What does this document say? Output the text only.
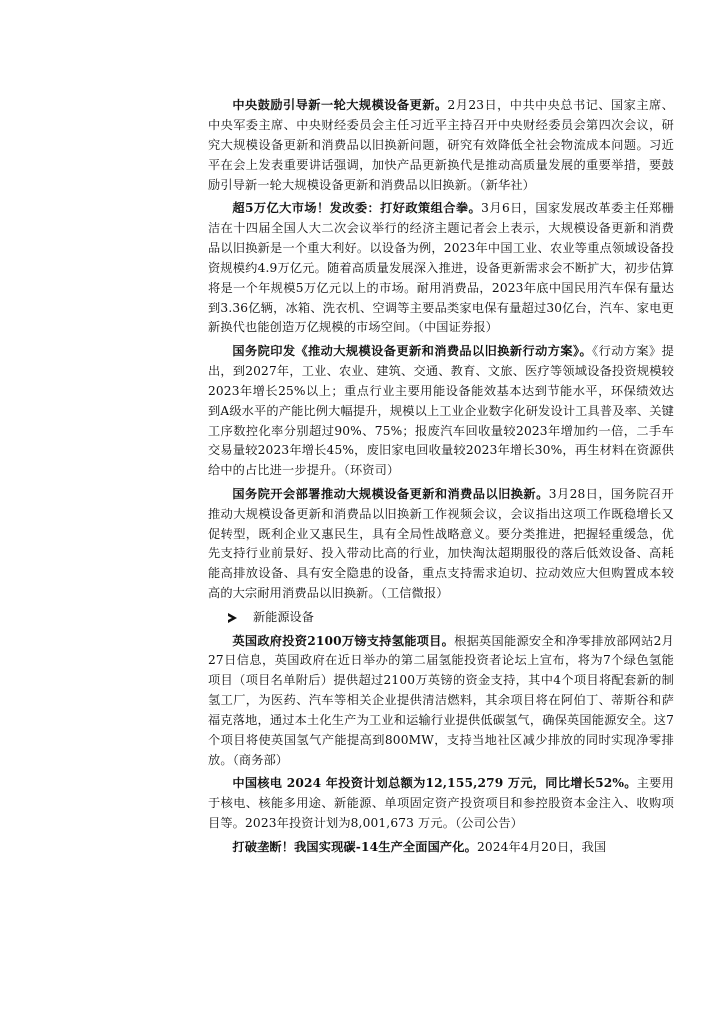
中央鼓励引导新一轮大规模设备更新。2月23日，中共中央总书记、国家主席、中央军委主席、中央财经委员会主任习近平主持召开中央财经委员会第四次会议，研究大规模设备更新和消费品以旧换新问题，研究有效降低全社会物流成本问题。习近平在会上发表重要讲话强调，加快产品更新换代是推动高质量发展的重要举措，要鼓励引导新一轮大规模设备更新和消费品以旧换新。（新华社）

超5万亿大市场！发改委：打好政策组合拳。3月6日，国家发展改革委主任郑栅洁在十四届全国人大二次会议举行的经济主题记者会上表示，大规模设备更新和消费品以旧换新是一个重大利好。以设备为例，2023年中国工业、农业等重点领域设备投资规模约4.9万亿元。随着高质量发展深入推进，设备更新需求会不断扩大，初步估算将是一个年规模5万亿元以上的市场。耐用消费品，2023年底中国民用汽车保有量达到3.36亿辆，冰箱、洗衣机、空调等主要品类家电保有量超过30亿台，汽车、家电更新换代也能创造万亿规模的市场空间。（中国证券报）

国务院印发《推动大规模设备更新和消费品以旧换新行动方案》。《行动方案》提出，到2027年，工业、农业、建筑、交通、教育、文旅、医疗等领域设备投资规模较2023年增长25%以上；重点行业主要用能设备能效基本达到节能水平，环保绩效达到A级水平的产能比例大幅提升，规模以上工业企业数字化研发设计工具普及率、关键工序数控化率分别超过90%、75%；报废汽车回收量较2023年增加约一倍，二手车交易量较2023年增长45%，废旧家电回收量较2023年增长30%，再生材料在资源供给中的占比进一步提升。（环资司）

国务院开会部署推动大规模设备更新和消费品以旧换新。3月28日，国务院召开推动大规模设备更新和消费品以旧换新工作视频会议，会议指出这项工作既稳增长又促转型，既利企业又惠民生，具有全局性战略意义。要分类推进，把握轻重缓急，优先支持行业前景好、投入带动比高的行业，加快淘汰超期服役的落后低效设备、高耗能高排放设备、具有安全隐患的设备，重点支持需求迫切、拉动效应大但购置成本较高的大宗耐用消费品以旧换新。（工信微报）

新能源设备

英国政府投资2100万镑支持氢能项目。根据英国能源安全和净零排放部网站2月27日信息，英国政府在近日举办的第二届氢能投资者论坛上宣布，将为7个绿色氢能项目（项目名单附后）提供超过2100万英镑的资金支持，其中4个项目将配套新的制氢工厂，为医药、汽车等相关企业提供清洁燃料，其余项目将在阿伯丁、蒂斯谷和萨福克落地，通过本土化生产为工业和运输行业提供低碳氢气，确保英国能源安全。这7个项目将使英国氢气产能提高到800MW，支持当地社区减少排放的同时实现净零排放。（商务部）

中国核电 2024 年投资计划总额为12,155,279 万元，同比增长52%。主要用于核电、核能多用途、新能源、单项固定资产投资项目和参控股资本金注入、收购项目等。2023年投资计划为8,001,673 万元。（公司公告）

打破垄断！我国实现碳-14生产全面国产化。2024年4月20日，我国
